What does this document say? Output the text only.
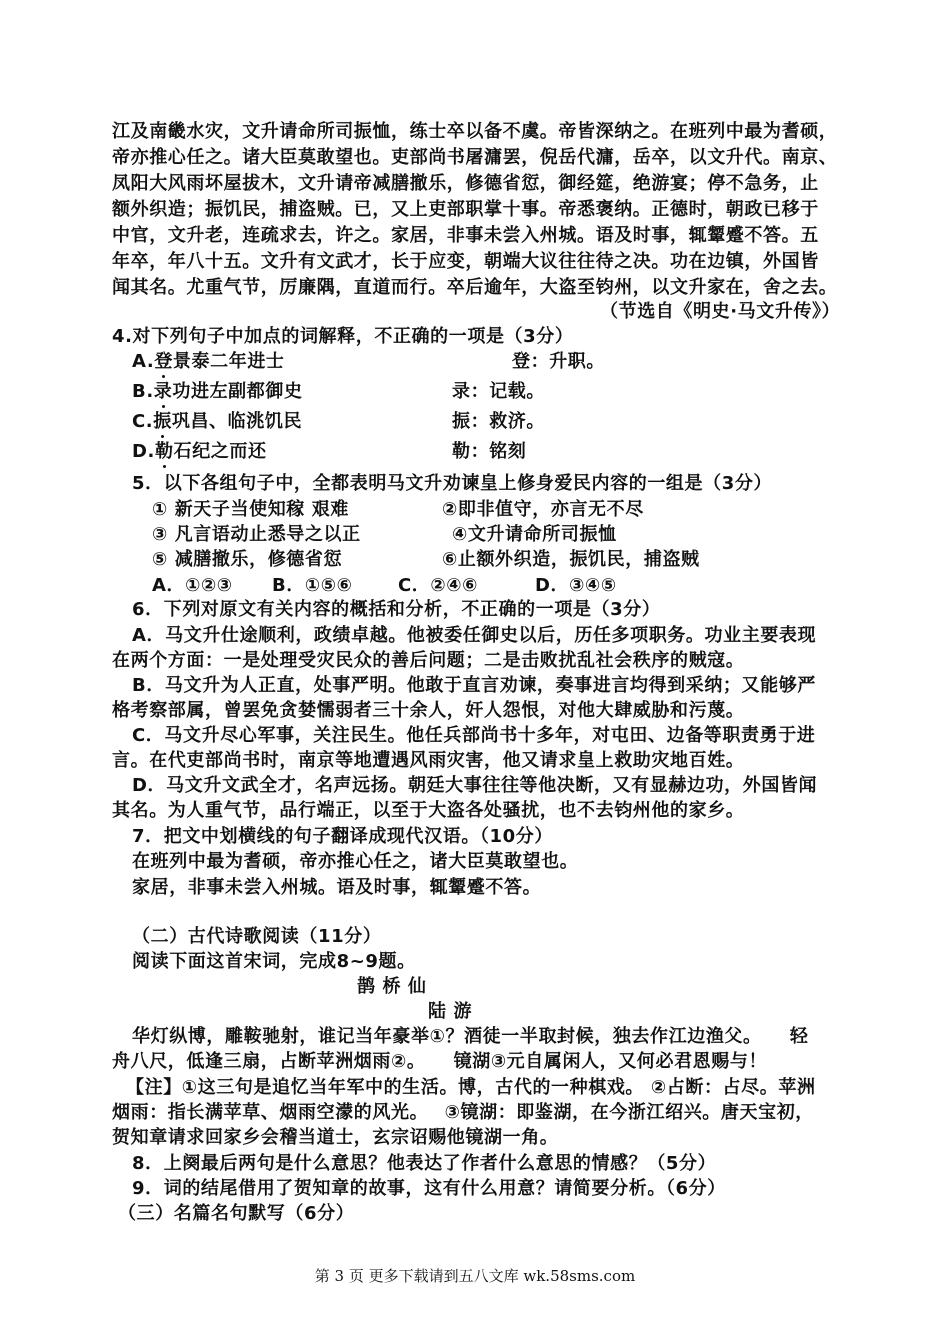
江及南畿水灾，文升请命所司振恤，练士卒以备不虞。帝皆深纳之。在班列中最为耆硕，
帝亦推心任之。诸大臣莫敢望也。吏部尚书屠滽罢，倪岳代滽，岳卒，以文升代。南京、
凤阳大风雨坏屋拔木，文升请帝减膳撤乐，修德省愆，御经筵，绝游宴；停不急务，止
额外织造；振饥民，捕盗贼。已，又上吏部职掌十事。帝悉褒纳。正德时，朝政已移于
中官，文升老，连疏求去，许之。家居，非事未尝入州城。语及时事，辄颦蹙不答。五
年卒，年八十五。文升有文武才，长于应变，朝端大议往往待之决。功在边镇，外国皆
闻其名。尤重气节，厉廉隅，直道而行。卒后逾年，大盗至钧州，以文升家在，舍之去。
（节选自《明史·马文升传》）
4.对下列句子中加点的词解释，不正确的一项是（3分）
A.登景泰二年进士	登：升职。
B.录功进左副都御史	录：记载。
C.振巩昌、临洮饥民	振：救济。
D.勒石纪之而还	勒：铭刻
5．以下各组句子中，全都表明马文升劝谏皇上修身爱民内容的一组是（3分）
① 新天子当使知稼 艰难	②即非值守，亦言无不尽
③ 凡言语动止悉导之以正	④文升请命所司振恤
⑤ 减膳撤乐，修德省愆	⑥止额外织造，振饥民，捕盗贼
A．①②③ B．①⑤⑥	C．②④⑥	D．③④⑤
6．下列对原文有关内容的概括和分析，不正确的一项是（3分）
A．马文升仕途顺利，政绩卓越。他被委任御史以后，历任多项职务。功业主要表现
在两个方面：一是处理受灾民众的善后问题；二是击败扰乱社会秩序的贼寇。
B．马文升为人正直，处事严明。他敢于直言劝谏，奏事进言均得到采纳；又能够严
格考察部属，曾罢免贪婪懦弱者三十余人，奸人怨恨，对他大肆威胁和污蔑。
C．马文升尽心军事，关注民生。他任兵部尚书十多年，对屯田、边备等职责勇于进
言。在代吏部尚书时，南京等地遭遇风雨灾害，他又请求皇上救助灾地百姓。
D．马文升文武全才，名声远扬。朝廷大事往往等他决断，又有显赫边功，外国皆闻
其名。为人重气节，品行端正，以至于大盗各处骚扰，也不去钧州他的家乡。
7．把文中划横线的句子翻译成现代汉语。（10分）
在班列中最为耆硕，帝亦推心任之，诸大臣莫敢望也。
家居，非事未尝入州城。语及时事，辄颦蹙不答。
（二）古代诗歌阅读（11分）
阅读下面这首宋词，完成8~9题。
鹊 桥 仙
陆 游
华灯纵博，雕鞍驰射，谁记当年豪举①？酒徒一半取封候，独去作江边渔父。　　轻
舟八尺，低逢三扇，占断苹洲烟雨②。　　镜湖③元自属闲人，又何必君恩赐与！
【注】①这三句是追忆当年军中的生活。博，古代的一种棋戏。 ②占断：占尽。苹洲
烟雨：指长满苹草、烟雨空濛的风光。　 ③镜湖：即鉴湖，在今浙江绍兴。唐天宝初，
贺知章请求回家乡会稽当道士，玄宗诏赐他镜湖一角。
8．上阕最后两句是什么意思？他表达了作者什么意思的情感？（5分）
9．词的结尾借用了贺知章的故事，这有什么用意？请简要分析。（6分）
（三）名篇名句默写（6分）
第 3 页 更多下载请到五八文库 wk.58sms.com
